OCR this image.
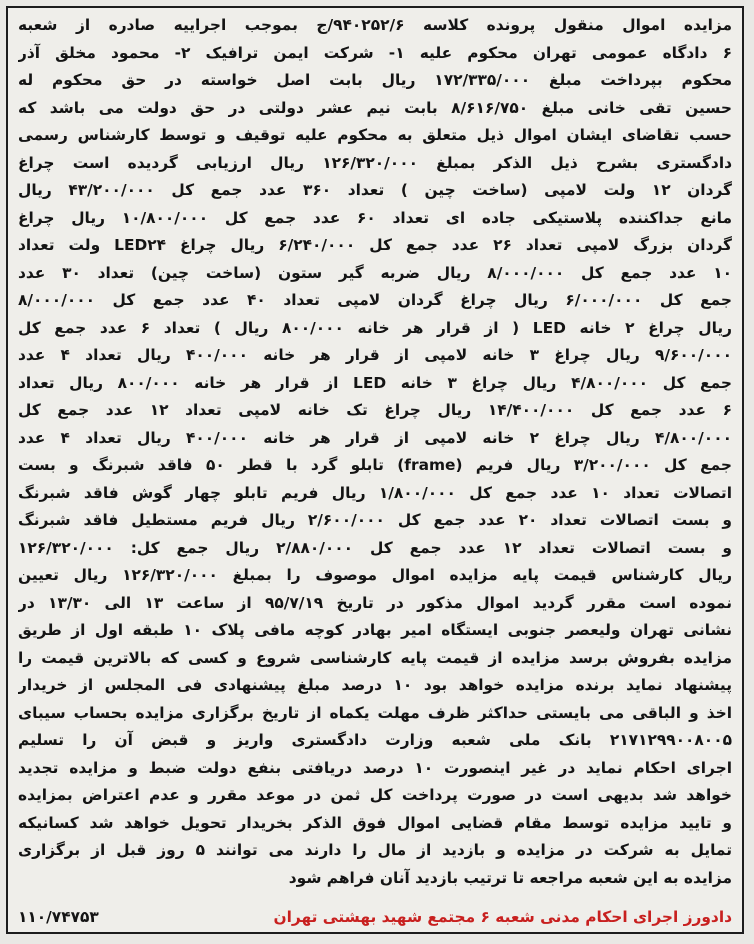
مزایده اموال منقول پرونده کلاسه ۹۴۰۲۵۲/۶/ج بموجب اجراییه صادره از شعبه
۶ دادگاه عمومی تهران محکوم علیه ۱- شرکت ایمن ترافیک ۲- محمود مخلق آذر
محکوم بپرداخت مبلغ ۱۷۲/۳۳۵/۰۰۰ ریال بابت اصل خواسته در حق محکوم له
حسین تقی خانی مبلغ ۸/۶۱۶/۷۵۰ بابت نیم عشر دولتی در حق دولت می باشد که
حسب تقاضای ایشان اموال ذیل متعلق به محکوم علیه توقیف و توسط کارشناس رسمی
دادگستری بشرح ذیل الذکر بمبلغ ۱۲۶/۳۲۰/۰۰۰ ریال ارزیابی گردیده است چراغ
گردان ۱۲ ولت لامپی (ساخت چین ) تعداد ۳۶۰ عدد جمع کل ۴۳/۲۰۰/۰۰۰ ریال
مانع جداکننده پلاستیکی جاده ای تعداد ۶۰ عدد جمع کل ۱۰/۸۰۰/۰۰۰ ریال چراغ
گردان بزرگ لامپی تعداد ۲۶ عدد جمع کل ۶/۲۴۰/۰۰۰ ریال چراغ LED۲۴ ولت تعداد
۱۰ عدد جمع کل ۸/۰۰۰/۰۰۰ ریال ضربه گیر ستون (ساخت چین) تعداد ۳۰ عدد
جمع کل ۶/۰۰۰/۰۰۰ ریال چراغ گردان لامپی تعداد ۴۰ عدد جمع کل ۸/۰۰۰/۰۰۰
ریال چراغ ۲ خانه LED ( از قرار هر خانه ۸۰۰/۰۰۰ ریال ) تعداد ۶ عدد جمع کل
۹/۶۰۰/۰۰۰ ریال چراغ ۳ خانه لامپی از قرار هر خانه ۴۰۰/۰۰۰ ریال تعداد ۴ عدد
جمع کل ۴/۸۰۰/۰۰۰ ریال چراغ ۳ خانه LED از قرار هر خانه ۸۰۰/۰۰۰ ریال تعداد
۶ عدد جمع کل ۱۴/۴۰۰/۰۰۰ ریال چراغ تک خانه لامپی تعداد ۱۲ عدد جمع کل
۴/۸۰۰/۰۰۰ ریال چراغ ۲ خانه لامپی از قرار هر خانه ۴۰۰/۰۰۰ ریال تعداد ۴ عدد
جمع کل ۳/۲۰۰/۰۰۰ ریال فریم (frame) تابلو گرد با قطر ۵۰ فاقد شبرنگ و بست
اتصالات تعداد ۱۰ عدد جمع کل ۱/۸۰۰/۰۰۰ ریال فریم تابلو چهار گوش فاقد شبرنگ
و بست اتصالات تعداد ۲۰ عدد جمع کل ۲/۶۰۰/۰۰۰ ریال فریم مستطیل فاقد شبرنگ
و بست اتصالات تعداد ۱۲ عدد جمع کل ۲/۸۸۰/۰۰۰ ریال جمع کل: ۱۲۶/۳۲۰/۰۰۰
ریال کارشناس قیمت پایه مزایده اموال موصوف را بمبلغ ۱۲۶/۳۲۰/۰۰۰ ریال تعیین
نموده است مقرر گردید اموال مذکور در تاریخ ۹۵/۷/۱۹ از ساعت ۱۳ الی ۱۳/۳۰ در
نشانی تهران ولیعصر جنوبی ایستگاه امیر بهادر کوچه مافی پلاک ۱۰ طبقه اول از طریق
مزایده بفروش برسد مزایده از قیمت پایه کارشناسی شروع و کسی که بالاترین قیمت را
پیشنهاد نماید برنده مزایده خواهد بود ۱۰ درصد مبلغ پیشنهادی فی المجلس از خریدار
اخذ و الباقی می بایستی حداکثر ظرف مهلت یکماه از تاریخ برگزاری مزایده بحساب سیبای
۲۱۷۱۲۹۹۰۰۸۰۰۵ بانک ملی شعبه وزارت دادگستری واریز و قبض آن را تسلیم
اجرای احکام نماید در غیر اینصورت ۱۰ درصد دریافتی بنفع دولت ضبط و مزایده تجدید
خواهد شد بدیهی است در صورت پرداخت کل ثمن در موعد مقرر و عدم اعتراض بمزایده
و تایید مزایده توسط مقام قضایی اموال فوق الذکر بخریدار تحویل خواهد شد کسانیکه
تمایل به شرکت در مزایده و بازدید از مال را دارند می توانند ۵ روز قبل از برگزاری
مزایده به این شعبه مراجعه تا ترتیب بازدید آنان فراهم شود
دادورز اجرای احکام مدنی شعبه ۶ مجتمع شهید بهشتی تهران
۱۱۰/۷۴۷۵۳
